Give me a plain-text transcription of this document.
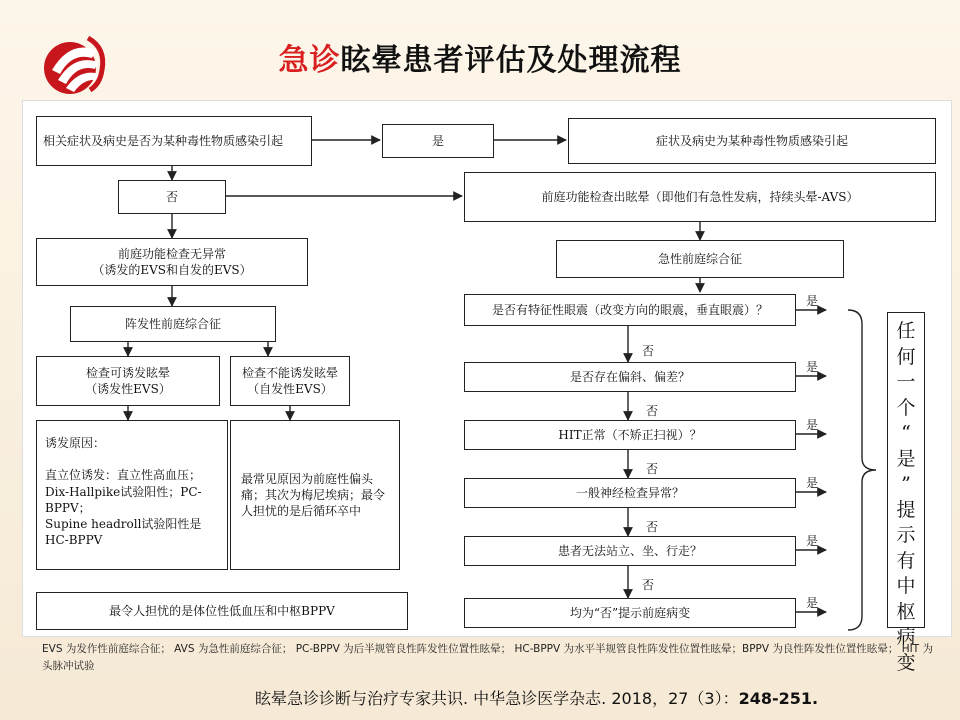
急诊眩晕患者评估及处理流程
相关症状及病史是否为某种毒性物质感染引起	是	症状及病史为某种毒性物质感染引起
否	前庭功能检查出眩晕（即他们有急性发病，持续头晕-AVS）
前庭功能检查无异常
（诱发的EVS和自发的EVS）
急性前庭综合征
阵发性前庭综合征
检查可诱发眩晕
（诱发性EVS）
检查不能诱发眩晕
（自发性EVS）
诱发原因：

直立位诱发：直立性高血压；Dix-Hallpike试验阳性；PC-BPPV；
Supine headroll试验阳性是HC-BPPV
最常见原因为前庭性偏头痛；其次为梅尼埃病；最令人担忧的是后循环卒中
最令人担忧的是体位性低血压和中枢BPPV
是否有特征性眼震（改变方向的眼震，垂直眼震）？
是否存在偏斜、偏差？
HIT正常（不矫正扫视）？
一般神经检查异常？
患者无法站立、坐、行走？
均为“否”提示前庭病变
是
是
是
是
是
是
否
否
否
否
否
任
何
一
个
“
是
”
提
示
有
中
枢
病
变
EVS 为发作性前庭综合征； AVS 为急性前庭综合征； PC-BPPV 为后半规管良性阵发性位置性眩晕； HC-BPPV 为水平半规管良性阵发性位置性眩晕；BPPV 为良性阵发性位置性眩晕； HIT 为头脉冲试验
眩晕急诊诊断与治疗专家共识. 中华急诊医学杂志. 2018，27（3）：248-251.
